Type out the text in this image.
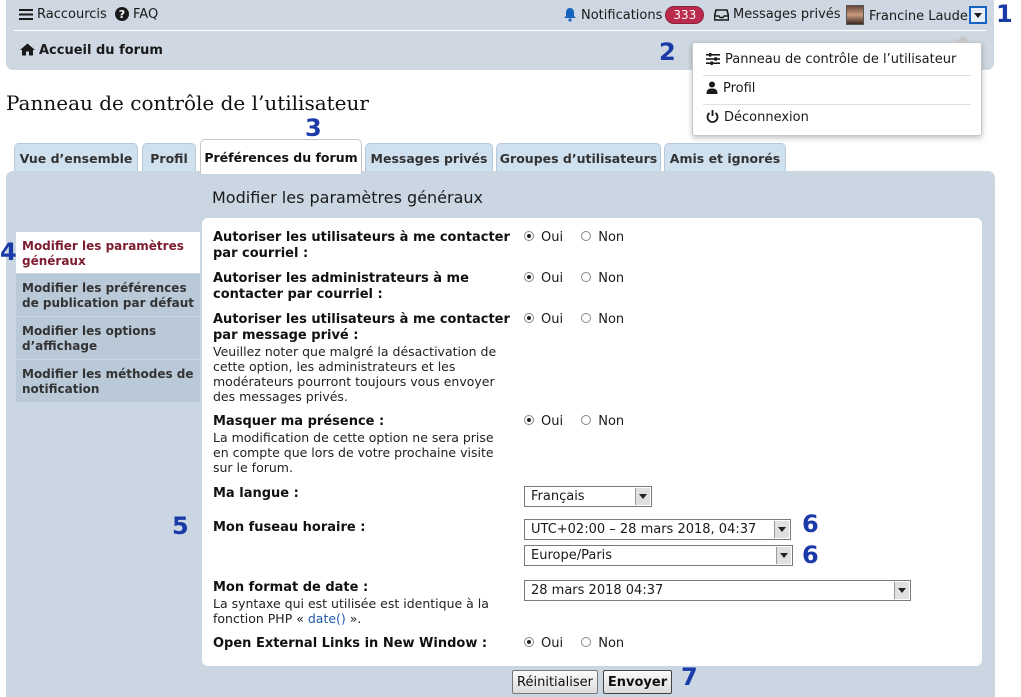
Raccourcis ? FAQ	Notifications 333	Messages privés	Francine Laude
Accueil du forum
Panneau de contrôle de l’utilisateur
Profil
Déconnexion
Panneau de contrôle de l’utilisateur
Vue d’ensemble	Profil	Messages privés Groupes d’utilisateurs	Amis et ignorés
Préférences du forum
Modifier les paramètres généraux
Modifier les préférences de publication par défaut
Modifier les options d’affichage
Modifier les méthodes de notification
Modifier les paramètres généraux
Autoriser les utilisateurs à me contacter par courriel :
Oui	Non
Autoriser les administrateurs à me contacter par courriel :
Oui	Non
Autoriser les utilisateurs à me contacter par message privé :
Veuillez noter que malgré la désactivation de cette option, les administrateurs et les modérateurs pourront toujours vous envoyer des messages privés.
Oui	Non
Masquer ma présence :
La modification de cette option ne sera prise en compte que lors de votre prochaine visite sur le forum.
Oui	Non
Ma langue :	Français
Mon fuseau horaire :	UTC+02:00 – 28 mars 2018, 04:37
Europe/Paris
Mon format de date :
La syntaxe qui est utilisée est identique à la fonction PHP « date() ».
28 mars 2018 04:37
Open External Links in New Window :	Oui	Non
Réinitialiser	Envoyer
1
2
3
4
5	6
6
7
